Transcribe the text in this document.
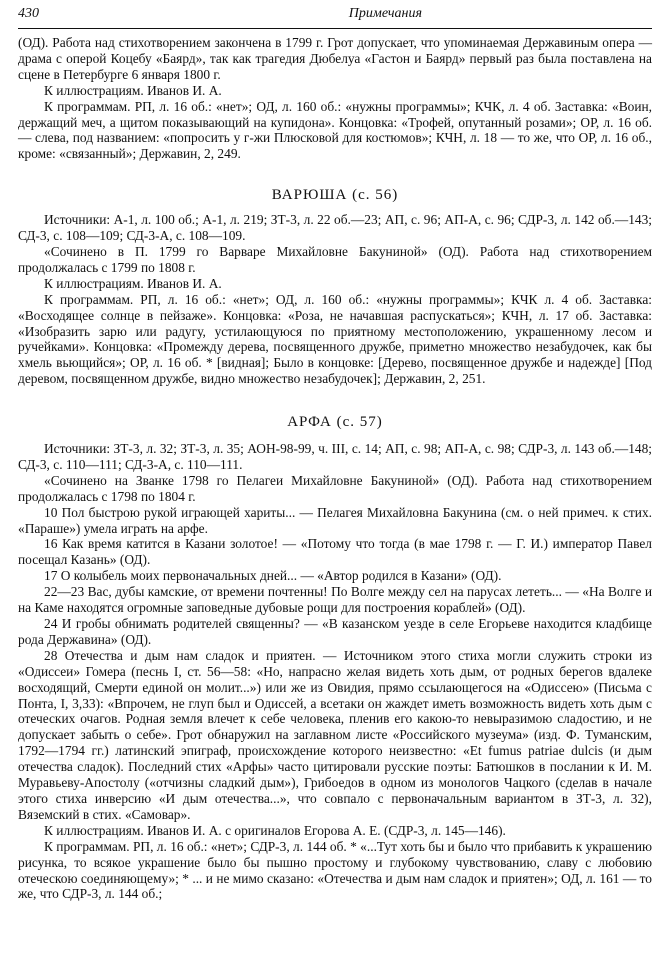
430	Примечания

(ОД). Работа над стихотворением закончена в 1799 г. Грот допускает, что упоминаемая Державиным опера — драма с оперой Коцебу «Баярд», так как трагедия Дюбелуа «Гастон и Баярд» первый раз была поставлена на сцене в Петербурге 6 января 1800 г.

К иллюстрациям. Иванов И. А.

К программам. РП, л. 16 об.: «нет»; ОД, л. 160 об.: «нужны программы»; КЧК, л. 4 об. Заставка: «Воин, держащий меч, а щитом показывающий на купидона». Концовка: «Трофей, опутанный розами»; ОР, л. 16 об. — слева, под названием: «попросить у г-жи Плюсковой для костюмов»; КЧН, л. 18 — то же, что ОР, л. 16 об., кроме: «связанный»; Державин, 2, 249.

ВАРЮША (с. 56)

Источники: А-1, л. 100 об.; А-1, л. 219; ЗТ-3, л. 22 об.—23; АП, с. 96; АП-А, с. 96; СДР-3, л. 142 об.—143; СД-3, с. 108—109; СД-3-А, с. 108—109.

«Сочинено в П. 1799 го Варваре Михайловне Бакуниной» (ОД). Работа над стихотворением продолжалась с 1799 по 1808 г.

К иллюстрациям. Иванов И. А.

К программам. РП, л. 16 об.: «нет»; ОД, л. 160 об.: «нужны программы»; КЧК л. 4 об. Заставка: «Восходящее солнце в пейзаже». Концовка: «Роза, не начавшая распускаться»; КЧН, л. 17 об. Заставка: «Изобразить зарю или радугу, устилающуюся по приятному местоположению, украшенному лесом и ручейками». Концовка: «Промежду дерева, посвященного дружбе, приметно множество незабудочек, как бы хмель вьющийся»; ОР, л. 16 об. * [видная]; Было в концовке: [Дерево, посвященное дружбе и надежде] [Под деревом, посвященном дружбе, видно множество незабудочек]; Державин, 2, 251.

АРФА (с. 57)

Источники: ЗТ-3, л. 32; ЗТ-3, л. 35; АОН-98-99, ч. III, с. 14; АП, с. 98; АП-А, с. 98; СДР-3, л. 143 об.—148; СД-3, с. 110—111; СД-3-А, с. 110—111.

«Сочинено на Званке 1798 го Пелагеи Михайловне Бакуниной» (ОД). Работа над стихотворением продолжалась с 1798 по 1804 г.

10 Пол быстрою рукой играющей хариты... — Пелагея Михайловна Бакунина (см. о ней примеч. к стих. «Параше») умела играть на арфе.

16 Как время катится в Казани золотое! — «Потому что тогда (в мае 1798 г. — Г. И.) император Павел посещал Казань» (ОД).

17 О колыбель моих первоначальных дней... — «Автор родился в Казани» (ОД).

22—23 Вас, дубы камские, от времени почтенны! По Волге между сел на парусах лететь... — «На Волге и на Каме находятся огромные заповедные дубовые рощи для построения кораблей» (ОД).

24 И гробы обнимать родителей священны? — «В казанском уезде в селе Егорьеве находится кладбище рода Державина» (ОД).

28 Отечества и дым нам сладок и приятен. — Источником этого стиха могли служить строки из «Одиссеи» Гомера (песнь I, ст. 56—58: «Но, напрасно желая видеть хоть дым, от родных берегов вдалеке восходящий, Смерти единой он молит...») или же из Овидия, прямо ссылающегося на «Одиссею» (Письма с Понта, I, 3,33): «Впрочем, не глуп был и Одиссей, а всетаки он жаждет иметь возможность видеть хоть дым с отеческих очагов. Родная земля влечет к себе человека, пленив его какою-то невыразимою сладостию, и не допускает забыть о себе». Грот обнаружил на заглавном листе «Российского музеума» (изд. Ф. Туманским, 1792—1794 гг.) латинский эпиграф, происхождение которого неизвестно: «Et fumus patriae dulcis (и дым отечества сладок). Последний стих «Арфы» часто цитировали русские поэты: Батюшков в послании к И. М. Муравьеву-Апостолу («отчизны сладкий дым»), Грибоедов в одном из монологов Чацкого (сделав в начале этого стиха инверсию «И дым отечества...», что совпало с первоначальным вариантом в ЗТ-3, л. 32), Вяземский в стих. «Самовар».

К иллюстрациям. Иванов И. А. с оригиналов Егорова А. Е. (СДР-3, л. 145—146).

К программам. РП, л. 16 об.: «нет»; СДР-3, л. 144 об. * «...Тут хоть бы и было что прибавить к украшению рисунка, то всякое украшение было бы пышно простому и глубокому чувствованию, славу с любовию отеческою соединяющему»; * ... и не мимо сказано: «Отечества и дым нам сладок и приятен»; ОД, л. 161 — то же, что СДР-3, л. 144 об.;
